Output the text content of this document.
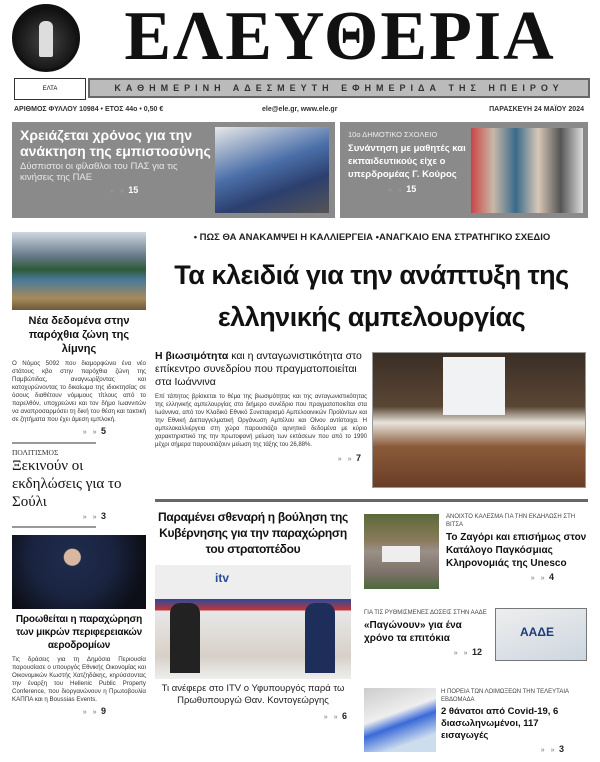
ΕΛΕΥΘΕΡΙΑ
ΕΛΤΑ	ΚΑΘΗΜΕΡΙΝΗ ΑΔΕΣΜΕΥΤΗ ΕΦΗΜΕΡΙΔΑ ΤΗΣ ΗΠΕΙΡΟΥ
ΑΡΙΘΜΟΣ ΦΥΛΛΟΥ 10984 • ΕΤΟΣ 44ο • 0,50 €	ele@ele.gr, www.ele.gr	ΠΑΡΑΣΚΕΥΗ 24 ΜΑΪΟΥ 2024
Χρειάζεται χρόνος για την ανάκτηση της εμπιστοσύνης
Δύσπιστοι οι φίλαθλοι του ΠΑΣ για τις κινήσεις της ΠΑΕ
» » 15
10ο ΔΗΜΟΤΙΚΟ ΣΧΟΛΕΙΟ
Συνάντηση με μαθητές και εκπαιδευτικούς είχε ο υπερδρομέας Γ. Κούρος
» » 15
Νέα δεδομένα στην παρόχθια ζώνη της λίμνης
Ο Νόμος 5092 που διαμορφώνει ένα νέο στάτους κβο στην παρόχθια ζώνη της Παμβώτιδας, αναγνωρίζοντας και κατοχυρώνοντας το δικαίωμα της ιδιοκτησίας σε όσους διαθέτουν νόμιμους τίτλους από το παρελθόν, υποχρεώνει και τον δήμο Ιωαννιτών να αναπροσαρμόσει τη δική του θέση και τακτική σε ζητήματα που έχει άμεση εμπλοκή.
» » 5
ΠΟΛΙΤΙΣΜΟΣ
Ξεκινούν οι εκδηλώσεις για το Σούλι
» » 3
Προωθείται η παραχώρηση των μικρών περιφερειακών αεροδρομίων
Τις δράσεις για τη Δημόσια Περιουσία παρουσίασε ο υπουργός Εθνικής Οικονομίας και Οικονομικών Κωστής Χατζηδάκης, κηρύσσοντας την έναρξη του Hellenic Public Property Conference, που διοργανώνουν η Πρωτοβουλία ΚΑΠΠΑ και η Boussias Events.
» » 9
• ΠΩΣ ΘΑ ΑΝΑΚΑΜΨΕΙ Η ΚΑΛΛΙΕΡΓΕΙΑ •ΑΝΑΓΚΑΙΟ ΕΝΑ ΣΤΡΑΤΗΓΙΚΟ ΣΧΕΔΙΟ
Τα κλειδιά για την ανάπτυξη της ελληνικής αμπελουργίας
Η βιωσιμότητα και η ανταγωνιστικότητα στο επίκεντρο συνεδρίου που πραγματοποιείται στα Ιωάννινα
Επί τάπητος βρίσκεται το θέμα της βιωσιμότητας και της ανταγωνιστικότητας της ελληνικής αμπελουργίας στο διήμερο συνέδριο που πραγματοποιείται στα Ιωάννινα, από τον Κλαδικό Εθνικό Συνεταιρισμό Αμπελοοινικών Προϊόντων και την Εθνική Διεπαγγελματική Οργάνωση Αμπέλου και Οίνου αντίστοιχα. Η αμπελοκαλλιέργεια στη χώρα παρουσιάζει αρνητικά δεδομένα με κύριο χαρακτηριστικό της την πρωτοφανή μείωση των εκτάσεων που από το 1990 μέχρι σήμερα παρουσιάζουν μείωση της τάξης του 26,88%.
» » 7
Παραμένει σθεναρή η βούληση της Κυβέρνησης για την παραχώρηση του στρατοπέδου
itv
Τι ανέφερε στο ITV ο Υφυπουργός παρά τω Πρωθυπουργώ Θαν. Κοντογεώργης
» » 6
ΑΝΟΙΧΤΟ ΚΑΛΕΣΜΑ ΓΙΑ ΤΗΝ ΕΚΔΗΛΩΣΗ ΣΤΗ ΒΙΤΣΑ
Το Ζαγόρι και επισήμως στον Κατάλογο Παγκόσμιας Κληρονομιάς της Unesco
» » 4
ΓΙΑ ΤΙΣ ΡΥΘΜΙΣΜΕΝΕΣ ΔΟΣΕΙΣ ΣΤΗΝ ΑΑΔΕ
«Παγώνουν» για ένα χρόνο τα επιτόκια
» » 12
ΑΑΔΕ
Η ΠΟΡΕΙΑ ΤΩΝ ΛΟΙΜΩΞΕΩΝ ΤΗΝ ΤΕΛΕΥΤΑΙΑ ΕΒΔΟΜΑΔΑ
2 θάνατοι από Covid-19, 6 διασωληνωμένοι, 117 εισαγωγές
» » 3
